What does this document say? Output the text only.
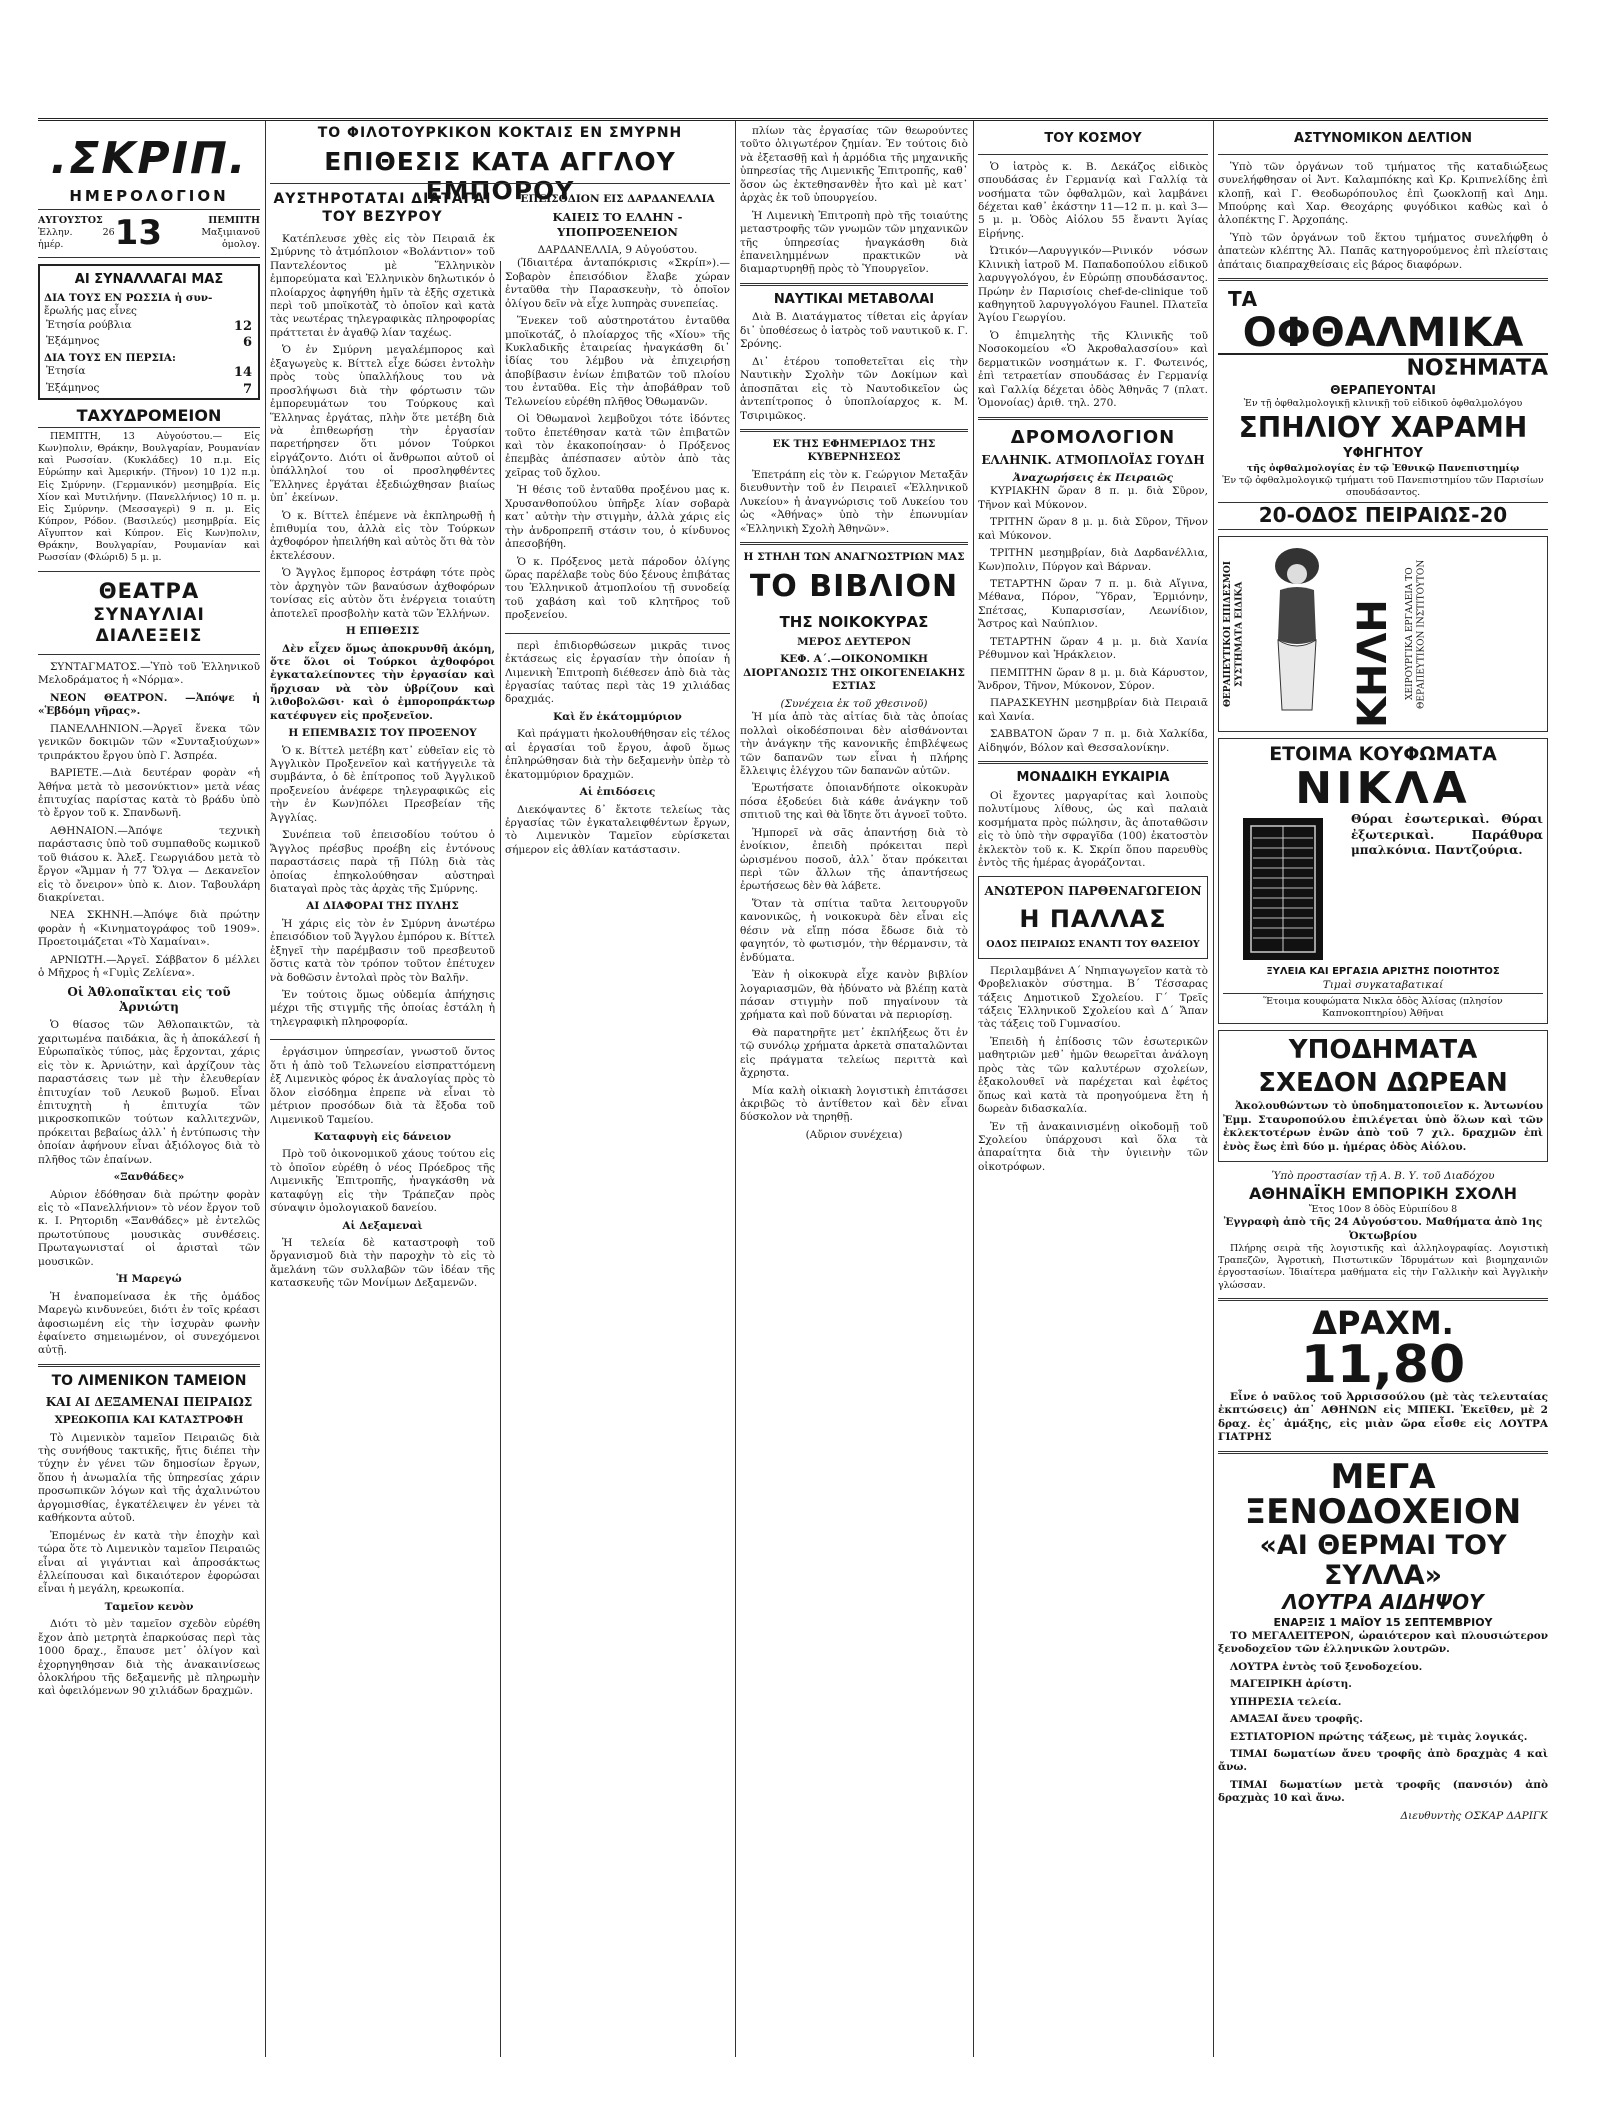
.ΣΚΡΙΠ.
ΗΜΕΡΟΛΟΓΙΟΝ
ΑΥΓΟΥΣΤΟΣ
Ἑλλην. 26 ἡμέρ.	13	ΠΕΜΠΤΗ
Μαξιμιανοῦ ὁμολογ.
ΑΙ ΣΥΝΑΛΛΑΓΑΙ ΜΑΣ
ΔΙΑ ΤΟΥΣ ΕΝ ΡΩΣΣΙΑ ἡ συν-
ἔρωλής μας εἶνες
Ἐτησία ρούβλια	12
Ἑξάμηνος	6
ΔΙΑ ΤΟΥΣ ΕΝ ΠΕΡΣΙΑ:
Ἐτησία	14
Ἑξάμηνος	7
ΤΑΧΥΔΡΟΜΕΙΟΝ

ΠΕΜΠΤΗ, 13 Αὐγούστου.— Εἰς Κων)πολιν, Θράκην, Βουλγαρίαν, Ρουμανίαν καὶ Ρωσσίαν. (Κυκλάδες) 10 π.μ. Εἰς Εὐρώπην καὶ Ἀμερικήν. (Τῆνον) 10 1)2 π.μ. Εἰς Σμύρνην. (Γερμανικόν) μεσημβρία. Εἰς Χίον καὶ Μυτιλήνην. (Πανελλήνιος) 10 π. μ. Εἰς Σμύρνην. (Μεσσαγερὶ) 9 π. μ. Εἰς Κύπρον, Ρόδον. (Βασιλεύς) μεσημβρία. Εἰς Αἴγυπτον καὶ Κύπρον. Εἰς Κων)πολιν, Θράκην, Βουλγαρίαν, Ρουμανίαν καὶ Ρωσσίαν (Φλώριδ) 5 μ. μ.

ΘΕΑΤΡΑ
ΣΥΝΑΥΛΙΑΙ
ΔΙΑΛΕΞΕΙΣ

ΣΥΝΤΑΓΜΑΤΟΣ.—Ὑπὸ τοῦ Ἑλληνικοῦ Μελοδράματος ἡ «Νόρμα».

ΝΕΟΝ ΘΕΑΤΡΟΝ. —Ἀπόψε ἡ «Ἑβδόμη γῆρας».

ΠΑΝΕΛΛΗΝΙΟΝ.—Ἀργεῖ ἕνεκα τῶν γενικῶν δοκιμῶν τῶν «Συνταξιούχων» τριπράκτου ἔργου ὑπὸ Γ. Ἀσπρέα.

ΒΑΡΙΕΤΕ.—Διὰ δευτέραν φορὰν «ἡ Ἀθήνα μετὰ τὸ μεσονύκτιον» μετὰ νέας ἐπιτυχίας παρίστας κατὰ τὸ βράδυ ὑπὸ τὸ ἔργον τοῦ κ. Σπανδωνῆ.

ΑΘΗΝΑΙΟΝ.—Ἀπόψε τεχνικὴ παράστασις ὑπὸ τοῦ συμπαθοῦς κωμικοῦ τοῦ θιάσου κ. Ἀλεξ. Γεωργιάδου μετὰ τὸ ἔργον «Ἄμμαν ἡ 77 Ὄλγα — Δεκανεῖον εἰς τὸ ὄνειρον» ὑπὸ κ. Διον. Ταβουλάρη διακρίνεται.

ΝΕΑ ΣΚΗΝΗ.—Ἀπόψε διὰ πρώτην φορὰν ἡ «Κινηματογράφος τοῦ 1909». Προετοιμάζεται «Τὸ Χαμαίναι».

ΑΡΝΙΩΤΗ.—Ἀργεῖ. Σάββατον δ μέλλει ὁ Μῆχρος ἡ «Γυμὶς Ζελίενα».

Οἱ Ἀθλοπαῖκται εἰς τοῦ Ἀρνιώτη

Ὁ θίασος τῶν Ἀθλοπαικτῶν, τὰ χαριτωμένα παιδάκια, ἃς ἡ ἀποκάλεσί ἡ Εὐρωπαϊκὸς τύπος, μὰς ἔρχονται, χάρις εἰς τὸν κ. Ἀρνιώτην, καὶ ἀρχίζουν τὰς παραστάσεις των μὲ τὴν ἐλευθερίαν ἐπιτυχίαν τοῦ Λευκοῦ βωμοῦ. Εἶναι ἐπιτυχητὴ ἡ ἐπιτυχία τῶν μικροσκοπικῶν τούτων καλλιτεχνῶν, πρόκειται βεβαίως ἀλλ᾽ ἡ ἐντύπωσις τὴν ὁποίαν ἀφήνουν εἶναι ἀξιόλογος διὰ τὸ πλῆθος τῶν ἐπαίνων.

«Ξανθάδες»

Αὐριον ἐδόθησαν διὰ πρώτην φορὰν εἰς τὸ «Πανελλήνιον» τὸ νέον ἔργον τοῦ κ. Ι. Ρητοριδη «Ξανθάδες» μὲ ἐντελῶς πρωτοτύπους μουσικὰς συνθέσεις. Πρωταγωνισταί οἱ ἀρισταὶ τῶν μουσικῶν.

Ἡ Μαρεγώ

Ἡ ἐναπομείνασα ἐκ τῆς ὁμάδος Μαρεγὼ κινδυνεύει, διότι ἐν τοῖς κρέασι ἀφοσιωμένη εἰς τὴν ἰσχυρὰν φωνὴν ἐφαίνετο σημειωμένον, οἱ συνεχόμενοι αὐτῇ.

ΤΟ ΛΙΜΕΝΙΚΟΝ ΤΑΜΕΙΟΝ
ΚΑΙ ΑΙ ΔΕΞΑΜΕΝΑΙ ΠΕΙΡΑΙΩΣ
ΧΡΕΩΚΟΠΙΑ ΚΑΙ ΚΑΤΑΣΤΡΟΦΗ

Τὸ Λιμενικὸν ταμεῖον Πειραιῶς διὰ τὴς συνήθους τακτικῆς, ἤτις διέπει τὴν τύχην ἐν γένει τῶν δημοσίων ἔργων, ὅπου ἡ ἀνωμαλία τῆς ὑπηρεσίας χάριν προσωπικῶν λόγων καὶ τῆς ἀχαλινώτου ἀργομισθίας, ἐγκατέλειψεν ἐν γένει τὰ καθήκοντα αὐτοῦ.

Ἐπομένως ἐν κατὰ τὴν ἐποχὴν καὶ τώρα ὅτε τὸ Λιμενικὸν ταμεῖον Πειραιῶς εἶναι αἱ γιγάντιαι καὶ ἀπροσάκτως ἐλλείπουσαι καὶ δικαιότερον ἐφορώσαι εἶναι ἡ μεγάλη, κρεωκοπία.

Ταμεῖον κενὸν

Διότι τὸ μὲν ταμεῖον σχεδὸν εὑρέθη ἔχον ἀπὸ μετρητὰ ἐπαρκούσας περὶ τὰς 1000 δραχ., ἔπαυσε μετ᾽ ὀλίγον καὶ ἐχορηγηθησαν διὰ τὴς ἀνακαινίσεως ὁλοκλήρου τῆς δεξαμενῆς μὲ πληρωμὴν καὶ ὀφειλόμενων 90 χιλιάδων δραχμῶν.

ΤΟ ΦΙΛΟΤΟΥΡΚΙΚΟΝ ΚΟΚΤΑΙΣ ΕΝ ΣΜΥΡΝΗ
ΕΠΙΘΕΣΙΣ ΚΑΤΑ ΑΓΓΛΟΥ ΕΜΠΟΡΟΥ
ΑΥΣΤΗΡΟΤΑΤΑΙ ΔΙΑΤΑΓΑΙ ΤΟΥ ΒΕΖΥΡΟΥ

Κατέπλευσε χθὲς εἰς τὸν Πειραιᾶ ἐκ Σμύρνης τὸ ἀτμόπλοιον «Βολάντιον» τοῦ Παντελέοντος μὲ Ἕλληνικὸν ἐμπορεύματα καὶ Ἑλληνικὸν δηλωτικόν ὁ πλοίαρχος ἀφηγήθη ἡμῖν τὰ ἐξῆς σχετικὰ περὶ τοῦ μποϊκοτὰζ τὸ ὁποῖον καὶ κατὰ τὰς νεωτέρας τηλεγραφικὰς πληροφορίας πράττεται ἐν ἀγαθῷ λίαν ταχέως.

Ὁ ἐν Σμύρνη μεγαλέμπορος καὶ ἐξαγωγεὺς κ. Βίττελ εἶχε δώσει ἐντολὴν πρὸς τοὺς ὑπαλλήλους του νὰ προσλήψωσι διὰ τὴν φόρτωσιν τῶν ἐμπορευμάτων του Τούρκους καὶ Ἕλληνας ἐργάτας, πλὴν ὅτε μετέβη διὰ νὰ ἐπιθεωρήσῃ τὴν ἐργασίαν παρετήρησεν ὅτι μόνον Τούρκοι εἰργάζοντο. Διότι οἱ ἄνθρωποι αὐτοῦ οἱ ὑπάλληλοί του οἱ προσληφθέντες Ἕλληνες ἐργάται ἐξεδιώχθησαν βιαίως ὑπ᾽ ἐκείνων.

Ὁ κ. Βίττελ ἐπέμενε νὰ ἐκπληρωθῇ ἡ ἐπιθυμία του, ἀλλὰ εἰς τὸν Τούρκων ἀχθοφόρον ἠπειλήθη καὶ αὐτὸς ὅτι θὰ τὸν ἐκτελέσουν.

Ὁ Ἄγγλος ἔμπορος ἐστράφη τότε πρὸς τὸν ἀρχηγὸν τῶν βαναύσων ἀχθοφόρων τονίσας εἰς αὐτὸν ὅτι ἐνέργεια τοιαύτη ἀποτελεῖ προσβολὴν κατὰ τῶν Ἑλλήνων.

Η ΕΠΙΘΕΣΙΣ

Δὲν εἶχεν ὅμως ἀποκρυνθῆ ἀκόμη, ὅτε ὅλοι οἱ Τούρκοι ἀχθοφόροι ἐγκαταλείποντες τὴν ἐργασίαν καὶ ἤρχισαν νὰ τὸν ὑβρίζουν καὶ λιθοβολῶσι· καὶ ὁ ἐμποροπράκτωρ κατέφυγεν εἰς προξενεῖον.

Η ΕΠΕΜΒΑΣΙΣ ΤΟΥ ΠΡΟΞΕΝΟΥ

Ὁ κ. Βίττελ μετέβη κατ᾽ εὐθεῖαν εἰς τὸ Ἀγγλικὸν Προξενεῖον καὶ κατήγγειλε τὰ συμβάντα, ὁ δὲ ἐπίτροπος τοῦ Ἀγγλικοῦ προξενείου ἀνέφερε τηλεγραφικῶς εἰς τὴν ἐν Κων)πόλει Πρεσβείαν τῆς Ἀγγλίας.

Συνέπεια τοῦ ἐπεισοδίου τούτου ὁ Ἄγγλος πρέσβυς προέβη εἰς ἐντόνους παραστάσεις παρὰ τῇ Πύλῃ διὰ τὰς ὁποίας ἐπηκολούθησαν αὐστηραὶ διαταγαὶ πρὸς τὰς ἀρχὰς τῆς Σμύρνης.

ΑΙ ΔΙΑΦΟΡΑΙ ΤΗΣ ΠΥΛΗΣ

Ἡ χάρις εἰς τὸν ἐν Σμύρνη ἀνωτέρω ἐπεισόδιον τοῦ Ἄγγλου ἐμπόρου κ. Βίττελ ἐξηγεῖ τὴν παρέμβασιν τοῦ πρεσβευτοῦ ὅστις κατὰ τὸν τρόπον τοῦτον ἐπέτυχεν νὰ δοθῶσιν ἐντολαὶ πρὸς τὸν Βαλῆν.

Ἐν τούτοις ὅμως οὐδεμία ἀπήχησις μέχρι τῆς στιγμῆς τῆς ὁποίας ἐστάλη ἡ τηλεγραφικὴ πληροφορία.

ἐργάσιμον ὑπηρεσίαν, γνωστοῦ ὄντος ὅτι ἡ ἀπὸ τοῦ Τελωνείου εἰσπραττόμενη ἐξ Λιμενικὸς φόρος ἐκ ἀναλογίας πρὸς τὸ ὅλον εἰσόδημα ἐπρεπε νὰ εἶναι τὸ μέτριον προσόδων διὰ τὰ ἔξοδα τοῦ Λιμενικοῦ Ταμείου.

Καταφυγὴ εἰς δάνειον

Πρὸ τοῦ ὀικονομικοῦ χάους τούτου εἰς τὸ ὁποῖον εὑρέθη ὁ νέος Πρόεδρος τῆς Λιμενικῆς Ἐπιτροπῆς, ἠναγκάσθη νὰ καταφύγῃ εἰς τὴν Τράπεζαν πρὸς σύναψιν ὁμολογιακοῦ δανείου.

Αἱ Δεξαμεναὶ

Ἡ τελεία δὲ καταστροφὴ τοῦ ὄργανισμοῦ διὰ τὴν παροχὴν τὸ εἰς τὸ ἄμελάνη τῶν συλλαβῶν τῶν ἱδέαν τῆς κατασκευῆς τῶν Μονίμων Δεξαμενῶν.

ΕΠΕΙΣΟΔΙΟΝ ΕΙΣ ΔΑΡΔΑΝΕΛΛΙΑ
ΚΑΙΕΙΣ ΤΟ ΕΛΛΗΝ - ΥΠΟΠΡΟΞΕΝΕΙΟΝ
ΔΑΡΔΑΝΕΛΛΙΑ, 9 Αὐγούστου.

(Ἰδιαιτέρα ἀνταπόκρισις «Σκρίπ»).—Σοβαρὸν ἐπεισόδιον ἔλαβε χώραν ἐνταῦθα τὴν Παρασκευὴν, τὸ ὁποῖον ὀλίγου δεῖν νὰ εἶχε λυπηρὰς συνεπείας.

Ἕνεκεν τοῦ αὐστηροτάτου ἐνταῦθα μποϊκοτάζ, ὁ πλοίαρχος τῆς «Χίου» τῆς Κυκλαδικῆς ἑταιρείας ἠναγκάσθη δι᾽ ἰδίας του λέμβου νὰ ἐπιχειρήσῃ ἀποβίβασιν ἐνίων ἐπιβατῶν τοῦ πλοίου του ἐνταῦθα. Εἰς τὴν ἀποβάθραν τοῦ Τελωνείου εὑρέθη πλῆθος Ὀθωμανῶν.

Οἱ Ὀθωμανοὶ λεμβοῦχοι τότε ἰδόντες τοῦτο ἐπετέθησαν κατὰ τῶν ἐπιβατῶν καὶ τὸν ἐκακοποίησαν· ὁ Πρόξενος ἐπεμβὰς ἀπέσπασεν αὐτὸν ἀπὸ τὰς χεῖρας τοῦ ὄχλου.

Ἡ θέσις τοῦ ἐνταῦθα προξένου μας κ. Χρυσανθοπούλου ὑπῆρξε λίαν σοβαρὰ κατ᾽ αὐτὴν τὴν στιγμὴν, ἀλλὰ χάρις εἰς τὴν ἀνδροπρεπῆ στάσιν του, ὁ κίνδυνος ἀπεσοβήθη.

Ὁ κ. Πρόξενος μετὰ πάροδον ὀλίγης ὥρας παρέλαβε τοὺς δύο ξένους ἐπιβάτας του Ἑλληνικοῦ ἀτμοπλοίου τῇ συνοδείᾳ τοῦ χαβάση καὶ τοῦ κλητῆρος τοῦ προξενείου.

περὶ ἐπιδιορθώσεων μικρᾶς τινος ἐκτάσεως εἰς ἐργασίαν τὴν ὁποίαν ἡ Λιμενικὴ Ἐπιτροπὴ διέθεσεν ἀπὸ διὰ τὰς ἐργασίας ταύτας περὶ τὰς 19 χιλιάδας δραχμάς.

Καὶ ἕν ἑκάτομμύριον

Καὶ πράγματι ἠκολουθήθησαν εἰς τέλος αἱ ἐργασίαι τοῦ ἔργου, ἀφοῦ ὅμως ἐπληρώθησαν διὰ τὴν δεξαμενὴν ὑπὲρ τὸ ἑκατομμύριον δραχμῶν.

Αἱ ἐπιδόσεις

Διεκόψαντες δ᾽ ἔκτοτε τελείως τὰς ἐργασίας τῶν ἐγκαταλειφθέντων ἔργων, τὸ Λιμενικὸν Ταμεῖον εὑρίσκεται σήμερον εἰς ἀθλίαν κατάστασιν.

πλίων τὰς ἐργασίας τῶν θεωρούντες τοῦτο ὀλιγωτέρον ζημίαν. Ἐν τούτοις διὸ νὰ ἐξετασθῇ καὶ ἡ ἀρμόδια τῆς μηχανικῆς ὑπηρεσίας τῆς Λιμενικῆς Ἐπιτροπῆς, καθ᾽ ὅσον ὡς ἐκτεθησανθὲν ἦτο καὶ μὲ κατ᾽ ἀρχὰς ἐκ τοῦ ὑπουργείου.

Ἡ Λιμενικὴ Ἐπιτροπὴ πρὸ τῆς τοιαύτης μεταστροφῆς τῶν γνωμῶν τῶν μηχανικῶν τῆς ὑπηρεσίας ἠναγκάσθη διὰ ἐπανειλημμένων πρακτικῶν νὰ διαμαρτυρηθῇ πρὸς τὸ Ὑπουργεῖον.

ΝΑΥΤΙΚΑΙ ΜΕΤΑΒΟΛΑΙ

Διὰ Β. Διατάγματος τίθεται εἰς ἀργίαν δι᾽ ὑποθέσεως ὁ ἰατρὸς τοῦ ναυτικοῦ κ. Γ. Σρόνης.

Δι᾽ ἑτέρου τοποθετεῖται εἰς τὴν Ναυτικὴν Σχολὴν τῶν Δοκίμων καὶ ἀποσπᾶται εἰς τὸ Ναυτοδικεῖον ὡς ἀντεπίτροπος ὁ ὑποπλοίαρχος κ. Μ. Τσιριμῶκος.

ΕΚ ΤΗΣ ΕΦΗΜΕΡΙΔΟΣ ΤΗΣ ΚΥΒΕΡΝΗΣΕΩΣ

Ἐπετράπη εἰς τὸν κ. Γεώργιον Μεταξᾶν διευθυντὴν τοῦ ἐν Πειραιεῖ «Ἑλληνικοῦ Λυκείου» ἡ ἀναγνώρισις τοῦ Λυκείου του ὡς «Ἀθήνας» ὑπὸ τὴν ἐπωνυμίαν «Ἑλληνικὴ Σχολὴ Ἀθηνῶν».

Η ΣΤΗΛΗ ΤΩΝ ΑΝΑΓΝΩΣΤΡΙΩΝ ΜΑΣ
ΤΟ ΒΙΒΛΙΟΝ
ΤΗΣ ΝΟΙΚΟΚΥΡΑΣ
ΜΕΡΟΣ ΔΕΥΤΕΡΟΝ
ΚΕΦ. Α΄.—ΟΙΚΟΝΟΜΙΚΗ ΔΙΟΡΓΑΝΩΣΙΣ ΤΗΣ ΟΙΚΟΓΕΝΕΙΑΚΗΣ ΕΣΤΙΑΣ
(Συνέχεια ἐκ τοῦ χθεσινοῦ)

Ἡ μία ἀπὸ τὰς αἰτίας διὰ τὰς ὁποίας πολλαὶ οἰκοδέσποιναι δὲν αἰσθάνονται τὴν ἀνάγκην τῆς κανονικῆς ἐπιβλέψεως τῶν δαπανῶν των εἶναι ἡ πλήρης ἔλλειψις ἐλέγχου τῶν δαπανῶν αὐτῶν.

Ἐρωτήσατε ὁποιανδήποτε οἰκοκυρὰν πόσα ἐξοδεύει διὰ κάθε ἀνάγκην τοῦ σπιτιοῦ της καὶ θὰ ἴδητε ὅτι ἀγνοεῖ τοῦτο.

Ἠμπορεῖ νὰ σᾶς ἀπαντήσῃ διὰ τὸ ἐνοίκιον, ἐπειδὴ πρόκειται περὶ ὡρισμένου ποσοῦ, ἀλλ᾽ ὅταν πρόκειται περὶ τῶν ἄλλων τῆς ἀπαντήσεως ἐρωτήσεως δὲν θὰ λάβετε.

Ὅταν τὰ σπίτια ταῦτα λειτουργοῦν κανονικῶς, ἡ νοικοκυρὰ δὲν εἶναι εἰς θέσιν νὰ εἴπῃ πόσα ἔδωσε διὰ τὸ φαγητόν, τὸ φωτισμόν, τὴν θέρμανσιν, τὰ ἐνδύματα.

Ἐὰν ἡ οἰκοκυρὰ εἶχε κανὸν βιβλίον λογαριασμῶν, θὰ ἠδύνατο νὰ βλέπῃ κατὰ πάσαν στιγμὴν ποῦ πηγαίνουν τὰ χρήματα καὶ ποῦ δύναται νὰ περιορίσῃ.

Θὰ παρατηρῆτε μετ᾽ ἐκπλήξεως ὅτι ἐν τῷ συνόλῳ χρήματα ἀρκετὰ σπαταλῶνται εἰς πράγματα τελείως περιττὰ καὶ ἄχρηστα.

Μία καλὴ οἰκιακὴ λογιστικὴ ἐπιτάσσει ἀκριβῶς τὸ ἀντίθετον καὶ δὲν εἶναι δύσκολον νὰ τηρηθῇ.

(Αὔριον συνέχεια)
ΤΟΥ ΚΟΣΜΟΥ

Ὁ ἰατρὸς κ. Β. Δεκάζος εἰδικὸς σπουδάσας ἐν Γερμανίᾳ καὶ Γαλλίᾳ τὰ νοσήματα τῶν ὀφθαλμῶν, καὶ λαμβάνει δέχεται καθ᾽ ἑκάστην 11—12 π. μ. καὶ 3—5 μ. μ. Ὁδὸς Αἰόλου 55 ἔναντι Ἁγίας Εἰρήνης.

Ὠτικόν—Λαρυγγικόν—Ρινικόν νόσων Κλινικὴ ἰατροῦ Μ. Παπαδοπούλου εἰδικοῦ λαρυγγολόγου, ἐν Εὐρώπῃ σπουδάσαντος. Πρώην ἐν Παρισίοις chef-de-clinique τοῦ καθηγητοῦ λαρυγγολόγου Faunel. Πλατεῖα Ἁγίου Γεωργίου.

Ὁ ἐπιμελητὴς τῆς Κλινικῆς τοῦ Νοσοκομείου «Ὁ Ἀκροθαλασσίου» καὶ δερματικῶν νοσημάτων κ. Γ. Φωτεινός, ἐπὶ τετραετίαν σπουδάσας ἐν Γερμανίᾳ καὶ Γαλλίᾳ δέχεται ὁδὸς Ἀθηνᾶς 7 (πλατ. Ὁμονοίας) ἀριθ. τηλ. 270.

ΔΡΟΜΟΛΟΓΙΟΝ
ΕΛΛΗΝΙΚ. ΑΤΜΟΠΛΟΪΑΣ ΓΟΥΔΗ
Ἀναχωρήσεις ἐκ Πειραιῶς

ΚΥΡΙΑΚΗΝ ὥραν 8 π. μ. διὰ Σῦρον, Τῆνον καὶ Μύκονον.

ΤΡΙΤΗΝ ὥραν 8 μ. μ. διὰ Σῦρον, Τῆνον καὶ Μύκονον.

ΤΡΙΤΗΝ μεσημβρίαν, διὰ Δαρδανέλλια, Κων)πολιν, Πύργον καὶ Βάρναν.

ΤΕΤΑΡΤΗΝ ὥραν 7 π. μ. διὰ Αἴγινα, Μέθανα, Πόρον, Ὕδραν, Ἑρμιόνην, Σπέτσας, Κυπαρισσίαν, Λεωνίδιον, Ἄστρος καὶ Ναύπλιον.

ΤΕΤΑΡΤΗΝ ὥραν 4 μ. μ. διὰ Χανία Ρέθυμνον καὶ Ἡράκλειον.

ΠΕΜΠΤΗΝ ὥραν 8 μ. μ. διὰ Κάρυστον, Ἄνδρον, Τῆνον, Μύκονον, Σύρον.

ΠΑΡΑΣΚΕΥΗΝ μεσημβρίαν διὰ Πειραιᾶ καὶ Χανία.

ΣΑΒΒΑΤΟΝ ὥραν 7 π. μ. διὰ Χαλκίδα, Αἰδηψόν, Βόλον καὶ Θεσσαλονίκην.

ΜΟΝΑΔΙΚΗ ΕΥΚΑΙΡΙΑ

Οἱ ἔχοντες μαργαρίτας καὶ λοιποὺς πολυτίμους λίθους, ὡς καὶ παλαιὰ κοσμήματα πρὸς πώλησιν, ἂς ἀποταθῶσιν εἰς τὸ ὑπὸ τὴν σφραγῖδα (100) ἐκατοστὸν ἐκλεκτὸν τοῦ κ. Κ. Σκρίπ ὅπου παρευθὺς ἐντὸς τῆς ἡμέρας ἀγοράζονται.

ΑΝΩΤΕΡΟΝ ΠΑΡΘΕΝΑΓΩΓΕΙΟΝ
Η ΠΑΛΛΑΣ
ΟΔΟΣ ΠΕΙΡΑΙΩΣ ΕΝΑΝΤΙ ΤΟΥ ΘΑΣΕΙΟΥ

Περιλαμβάνει Α΄ Νηπιαγωγεῖον κατὰ τὸ Φροβελιακὸν σύστημα. Β΄ Τέσσαρας τάξεις Δημοτικοῦ Σχολείου. Γ΄ Τρεῖς τάξεις Ἑλληνικοῦ Σχολείου καὶ Δ΄ Ἄπαν τὰς τάξεις τοῦ Γυμνασίου.

Ἐπειδὴ ἡ ἐπίδοσις τῶν ἐσωτερικῶν μαθητριῶν μεθ᾽ ἡμῶν θεωρεῖται ἀνάλογη πρὸς τὰς τῶν καλυτέρων σχολείων, ἐξακολουθεῖ νὰ παρέχεται καὶ ἐφέτος ὅπως καὶ κατὰ τὰ προηγούμενα ἔτη ἡ δωρεὰν διδασκαλία.

Ἐν τῇ ἀνακαινισμένῃ οἰκοδομῇ τοῦ Σχολείου ὑπάρχουσι καὶ ὅλα τὰ ἀπαραίτητα διὰ τὴν ὑγιεινὴν τῶν οἰκοτρόφων.

ΑΣΤΥΝΟΜΙΚΟΝ ΔΕΛΤΙΟΝ

Ὑπὸ τῶν ὀργάνων τοῦ τμήματος τῆς καταδιώξεως συνελήφθησαν οἱ Ἀντ. Καλαμπόκης καὶ Κρ. Κριπνελίδης ἐπὶ κλοπῇ, καὶ Γ. Θεοδωρόπουλος ἐπὶ ζωοκλοπῇ καὶ Δημ. Μπούρης καὶ Χαρ. Θεοχάρης φυγόδικοι καθὼς καὶ ὁ ἀλοπέκτης Γ. Ἀρχοπάης.

Ὑπὸ τῶν ὀργάνων τοῦ ἕκτου τμήματος συνελήφθη ὁ ἀπατεὼν κλέπτης Ἀλ. Παπᾶς κατηγορούμενος ἐπὶ πλείσταις ἀπάταις διαπραχθείσαις εἰς βάρος διαφόρων.

ΤΑ
ΟΦΘΑΛΜΙΚΑ
ΝΟΣΗΜΑΤΑ
ΘΕΡΑΠΕΥΟΝΤΑΙ
Ἐν τῇ ὀφθαλμολογικῇ κλινικῇ τοῦ εἰδικοῦ ὀφθαλμολόγου
ΣΠΗΛΙΟΥ ΧΑΡΑΜΗ
ΥΦΗΓΗΤΟΥ
τῆς ὀφθαλμολογίας ἐν τῷ Ἐθνικῷ Πανεπιστημίῳ
Ἐν τῷ ὀφθαλμολογικῷ τμήματι τοῦ Πανεπιστημίου τῶν Παρισίων σπουδάσαντος.
20-ΟΔΟΣ ΠΕΙΡΑΙΩΣ-20
ΘΕΡΑΠΕΥΤΙΚΟΙ ΕΠΙΔΕΣΜΟΙ ΣΥΣΤΗΜΑΤΑ ΕΙΔΙΚΑ	ΚΗΛΗ	ΧΕΙΡΟΥΡΓΙΚΑ ΕΡΓΑΛΕΙΑ ΤΟ ΘΕΡΑΠΕΥΤΙΚΟΝ ΙΝΣΤΙΤΟΥΤΟΝ
ΕΤΟΙΜΑ ΚΟΥΦΩΜΑΤΑ
ΝΙΚΛΑ

Θύραι ἐσωτερικαὶ. Θύραι ἐξωτερικαὶ. Παράθυρα μπαλκόνια. Παντζούρια.

ΞΥΛΕΙΑ ΚΑΙ ΕΡΓΑΣΙΑ ΑΡΙΣΤΗΣ ΠΟΙΟΤΗΤΟΣ
Τιμαὶ συγκαταβατικαί
Ἕτοιμα κουφώματα Νικλα ὁδὸς Ἀλίσας (πλησίον Καπνοκοπτηρίου) Ἀθῆναι
ΥΠΟΔΗΜΑΤΑ
ΣΧΕΔΟΝ ΔΩΡΕΑΝ

Ἀκολουθώντων τὸ ὑποδηματοποιεῖον κ. Ἀντωνίου Ἐμμ. Σταυροπούλου ἐπιλέγεται ὑπὸ ὅλων καὶ τῶν ἐκλεκτοτέρων ἐνῶν ἀπὸ τοῦ 7 χιλ. δραχμῶν ἐπὶ ἑνὸς ἔως ἐπὶ δύο μ. ἡμέρας ὁδὸς Αἰόλου.

Ὑπὸ προστασίαν τῇ Α. Β. Υ. τοῦ Διαδόχου
ΑΘΗΝΑΪΚΗ ΕΜΠΟΡΙΚΗ ΣΧΟΛΗ
Ἔτος 10ον 8 ὁδὸς Εὐριπίδου 8
Ἐγγραφὴ ἀπὸ τῆς 24 Αὐγούστου. Μαθήματα ἀπὸ 1ης Ὀκτωβρίου

Πλήρης σειρὰ τῆς λογιστικῆς καὶ ἀλληλογραφίας. Λογιστικὴ Τραπεζῶν, Ἀγροτικὴ, Πιστωτικῶν Ἱδρυμάτων καὶ βιομηχανιῶν ἐργοστασίων. Ἰδιαίτερα μαθήματα εἰς τὴν Γαλλικὴν καὶ Ἀγγλικὴν γλώσσαν.

ΔΡΑΧΜ.
11,80

Εἶνε ὁ ναῦλος τοῦ Ἀρρισσούλου (μὲ τὰς τελευταίας ἐκπτώσεις) ἀπ᾽ ΑΘΗΝΩΝ εἰς ΜΠΕΚΙ. Ἐκεῖθεν, μὲ 2 δραχ. ἐς᾽ ἀμάξης, εἰς μιὰν ὥρα εἶσθε εἰς ΛΟΥΤΡΑ ΓΙΑΤΡΗΣ

ΜΕΓΑ ΞΕΝΟΔΟΧΕΙΟΝ
«ΑΙ ΘΕΡΜΑΙ ΤΟΥ ΣΥΛΛΑ»
ΛΟΥΤΡΑ ΑΙΔΗΨΟΥ
ΕΝΑΡΞΙΣ 1 ΜΑΪΟΥ 15 ΣΕΠΤΕΜΒΡΙΟΥ

ΤΟ ΜΕΓΑΛΕΙΤΕΡΟΝ, ὡραιότερον καὶ πλουσιώτερον ξενοδοχεῖον τῶν ἑλληνικῶν λουτρῶν.

ΛΟΥΤΡΑ ἐντὸς τοῦ ξενοδοχείου.

ΜΑΓΕΙΡΙΚΗ ἀρίστη.

ΥΠΗΡΕΣΙΑ τελεία.

ΑΜΑΞΑΙ ἄνευ τροφῆς.

ΕΣΤΙΑΤΟΡΙΟΝ πρώτης τάξεως, μὲ τιμὰς λογικάς.

ΤΙΜΑΙ δωματίων ἄνευ τροφῆς ἀπὸ δραχμὰς 4 καὶ ἄνω.

ΤΙΜΑΙ δωματίων μετὰ τροφῆς (πανσιόν) ἀπὸ δραχμὰς 10 καὶ ἄνω.

Διευθυντὴς ΟΣΚΑΡ ΔΑΡΙΓΚ
